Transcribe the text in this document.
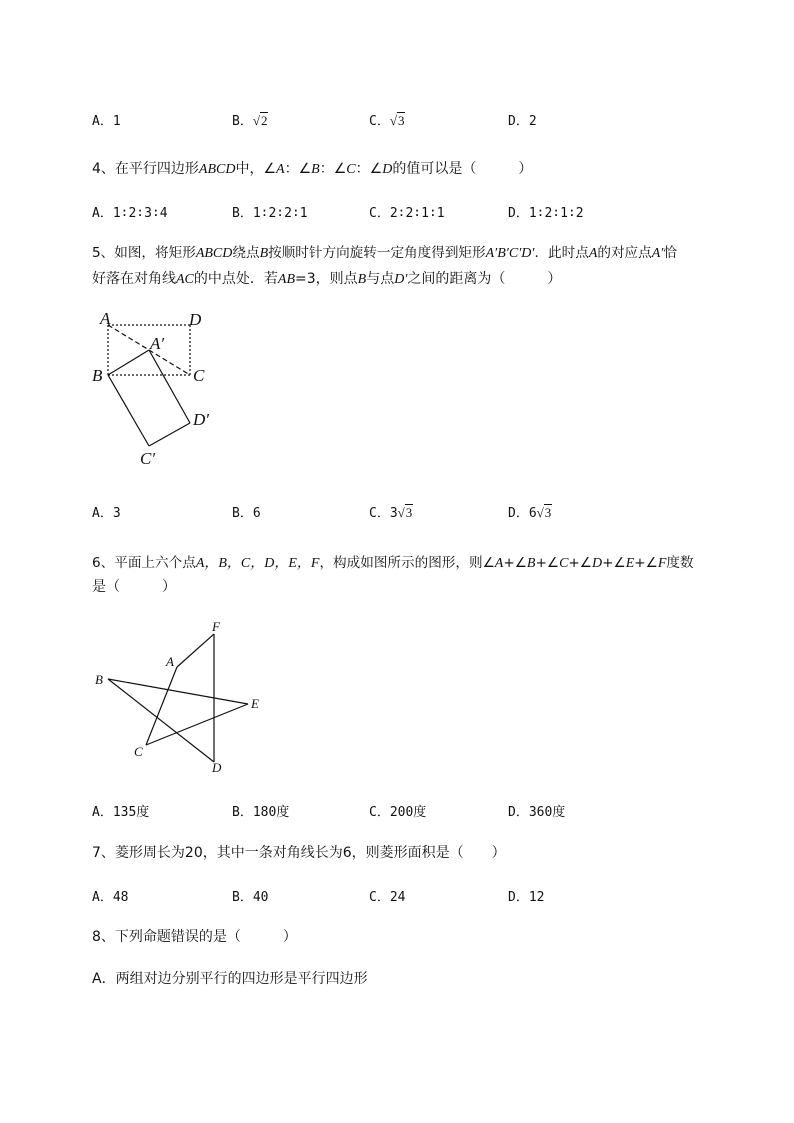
A．1	B．√2	C．√3	D．2
4、在平行四边形ABCD中，∠A：∠B：∠C：∠D的值可以是（　　　）
A．1∶2∶3∶4	B．1∶2∶2∶1	C．2∶2∶1∶1	D．1∶2∶1∶2
5、如图，将矩形ABCD绕点B按顺时针方向旋转一定角度得到矩形A′B′C′D′．此时点A的对应点A′恰
好落在对角线AC的中点处．若AB=3，则点B与点D′之间的距离为（　　　）
A	D
A′
B	C
D′
C′
A．3	B．6	C．3√3	D．6√3
6、平面上六个点A，B，C，D，E，F，构成如图所示的图形，则∠A+∠B+∠C+∠D+∠E+∠F度数
是（　　　）
F
A
B
E
C
D
A．135度	B．180度	C．200度	D．360度
7、菱形周长为20，其中一条对角线长为6，则菱形面积是（　　）
A．48	B．40	C．24	D．12
8、下列命题错误的是（　　　）
A．两组对边分别平行的四边形是平行四边形
